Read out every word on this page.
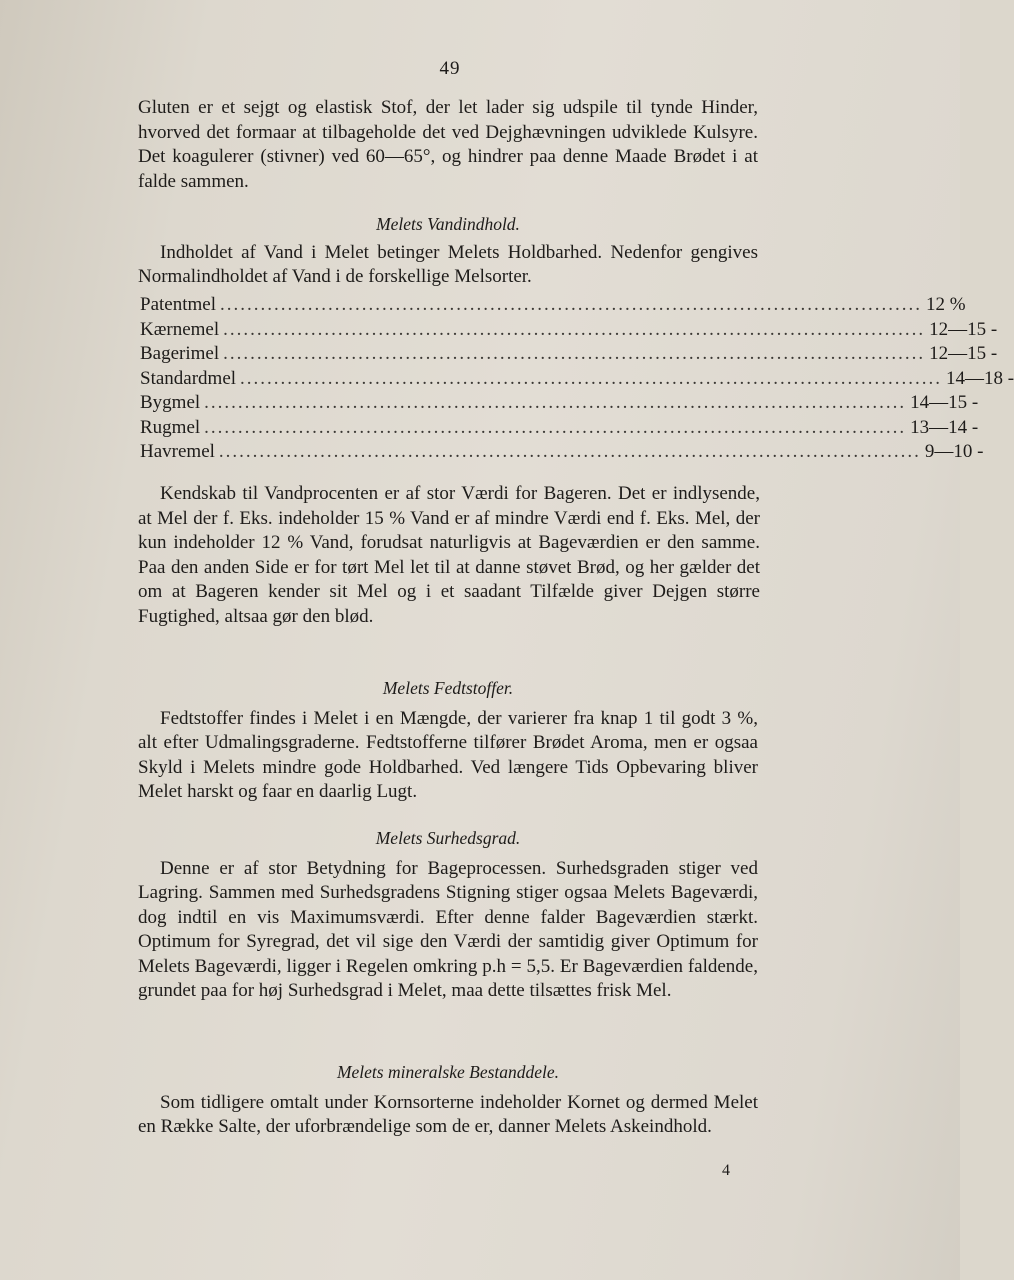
49

Gluten er et sejgt og elastisk Stof, der let lader sig udspile til tynde Hinder, hvorved det formaar at tilbageholde det ved Dejghævningen udviklede Kulsyre. Det koagulerer (stivner) ved 60—65°, og hindrer paa denne Maade Brødet i at falde sammen.

Melets Vandindhold.

Indholdet af Vand i Melet betinger Melets Holdbarhed. Nedenfor gengives Normalindholdet af Vand i de forskellige Melsorter.

Patentmel ........................................................................................................ 12 %
Kærnemel ........................................................................................................ 12—15 -
Bagerimel ........................................................................................................ 12—15 -
Standardmel ........................................................................................................ 14—18 -
Bygmel ........................................................................................................ 14—15 -
Rugmel ........................................................................................................ 13—14 -
Havremel ........................................................................................................ 9—10 -

Kendskab til Vandprocenten er af stor Værdi for Bageren. Det er indlysende, at Mel der f. Eks. indeholder 15 % Vand er af mindre Værdi end f. Eks. Mel, der kun indeholder 12 % Vand, forudsat naturligvis at Bageværdien er den samme. Paa den anden Side er for tørt Mel let til at danne støvet Brød, og her gælder det om at Bageren kender sit Mel og i et saadant Tilfælde giver Dejgen større Fugtighed, altsaa gør den blød.

Melets Fedtstoffer.

Fedtstoffer findes i Melet i en Mængde, der varierer fra knap 1 til godt 3 %, alt efter Udmalingsgraderne. Fedtstofferne tilfører Brødet Aroma, men er ogsaa Skyld i Melets mindre gode Holdbarhed. Ved længere Tids Opbevaring bliver Melet harskt og faar en daarlig Lugt.

Melets Surhedsgrad.

Denne er af stor Betydning for Bageprocessen. Surhedsgraden stiger ved Lagring. Sammen med Surhedsgradens Stigning stiger ogsaa Melets Bageværdi, dog indtil en vis Maximumsværdi. Efter denne falder Bageværdien stærkt. Optimum for Syregrad, det vil sige den Værdi der samtidig giver Optimum for Melets Bageværdi, ligger i Regelen omkring p.h = 5,5. Er Bageværdien faldende, grundet paa for høj Surhedsgrad i Melet, maa dette tilsættes frisk Mel.

Melets mineralske Bestanddele.

Som tidligere omtalt under Kornsorterne indeholder Kornet og dermed Melet en Række Salte, der uforbrændelige som de er, danner Melets Askeindhold.

4
